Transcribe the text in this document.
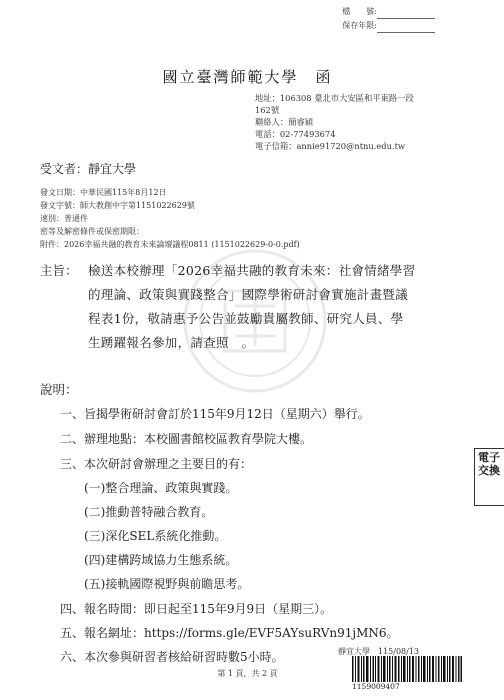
檔　　號:
保存年限:
國立臺灣師範大學　函
地址：106308 臺北市大安區和平東路一段
162號
聯絡人：簡睿穎
電話：02-77493674
電子信箱：annie91720@ntnu.edu.tw
受文者：靜宜大學
發文日期：中華民國115年8月12日
發文字號：師大教創中字第1151022629號
速別：普通件
密等及解密條件或保密期限：
附件：2026幸福共融的教育未來論壇議程0811 (1151022629-0-0.pdf)
主旨： 檢送本校辦理「2026幸福共融的教育未來：社會情緒學習
的理論、政策與實踐整合」國際學術研討會實施計畫暨議
程表1份，敬請惠予公告並鼓勵貴屬教師、研究人員、學
生踴躍報名參加，請查照　。
說明：
一、旨揭學術研討會訂於115年9月12日（星期六）舉行。
二、辦理地點：本校圖書館校區教育學院大樓。
三、本次研討會辦理之主要目的有：
(一)整合理論、政策與實踐。
(二)推動普特融合教育。
(三)深化SEL系統化推動。
(四)建構跨域協力生態系統。
(五)接軌國際視野與前瞻思考。
四、報名時間：即日起至115年9月9日（星期三）。
五、報名網址：https://forms.gle/EVF5AYsuRVn91jMN6。
六、本次參與研習者核給研習時數5小時。
電子交換
靜宜大學　115/08/13
第 1 頁，共 2 頁
1159009407
